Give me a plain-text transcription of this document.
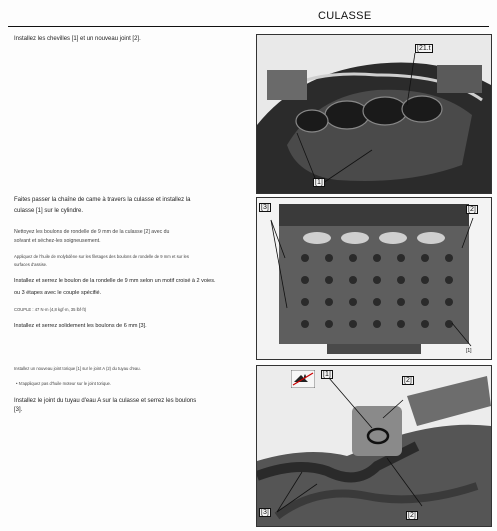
CULASSE
Installez les chevilles [1] et un nouveau joint [2].
[21.t
[1]
Faites passer la chaîne de came à travers la culasse et installez la
culasse [1] sur le cylindre.
Nettoyez les boulons de rondelle de 9 mm de la culasse [2] avec du
solvant et séchez-les soigneusement.
Appliquez de l'huile de molybdène sur les filetages des boulons de rondelle de 9 mm et sur les
surfaces d'assise.
Installez et serrez le boulon de la rondelle de 9 mm selon un motif croisé à 2 voies.
ou 3 étapes avec le couple spécifié.
COUPLE : 47 N·m (4,8 kgf·m, 35 lbf·ft)
Installez et serrez solidement les boulons de 6 mm [3].
[3]	[2]
[1]
Installez un nouveau joint torique [1] sur le joint A (2) du tuyau d'eau.
• N'appliquez pas d'huile moteur sur le joint torique.
Installez le joint du tuyau d'eau A sur la culasse et serrez les boulons
[3].
[1]
[2]
[3]	[2]
